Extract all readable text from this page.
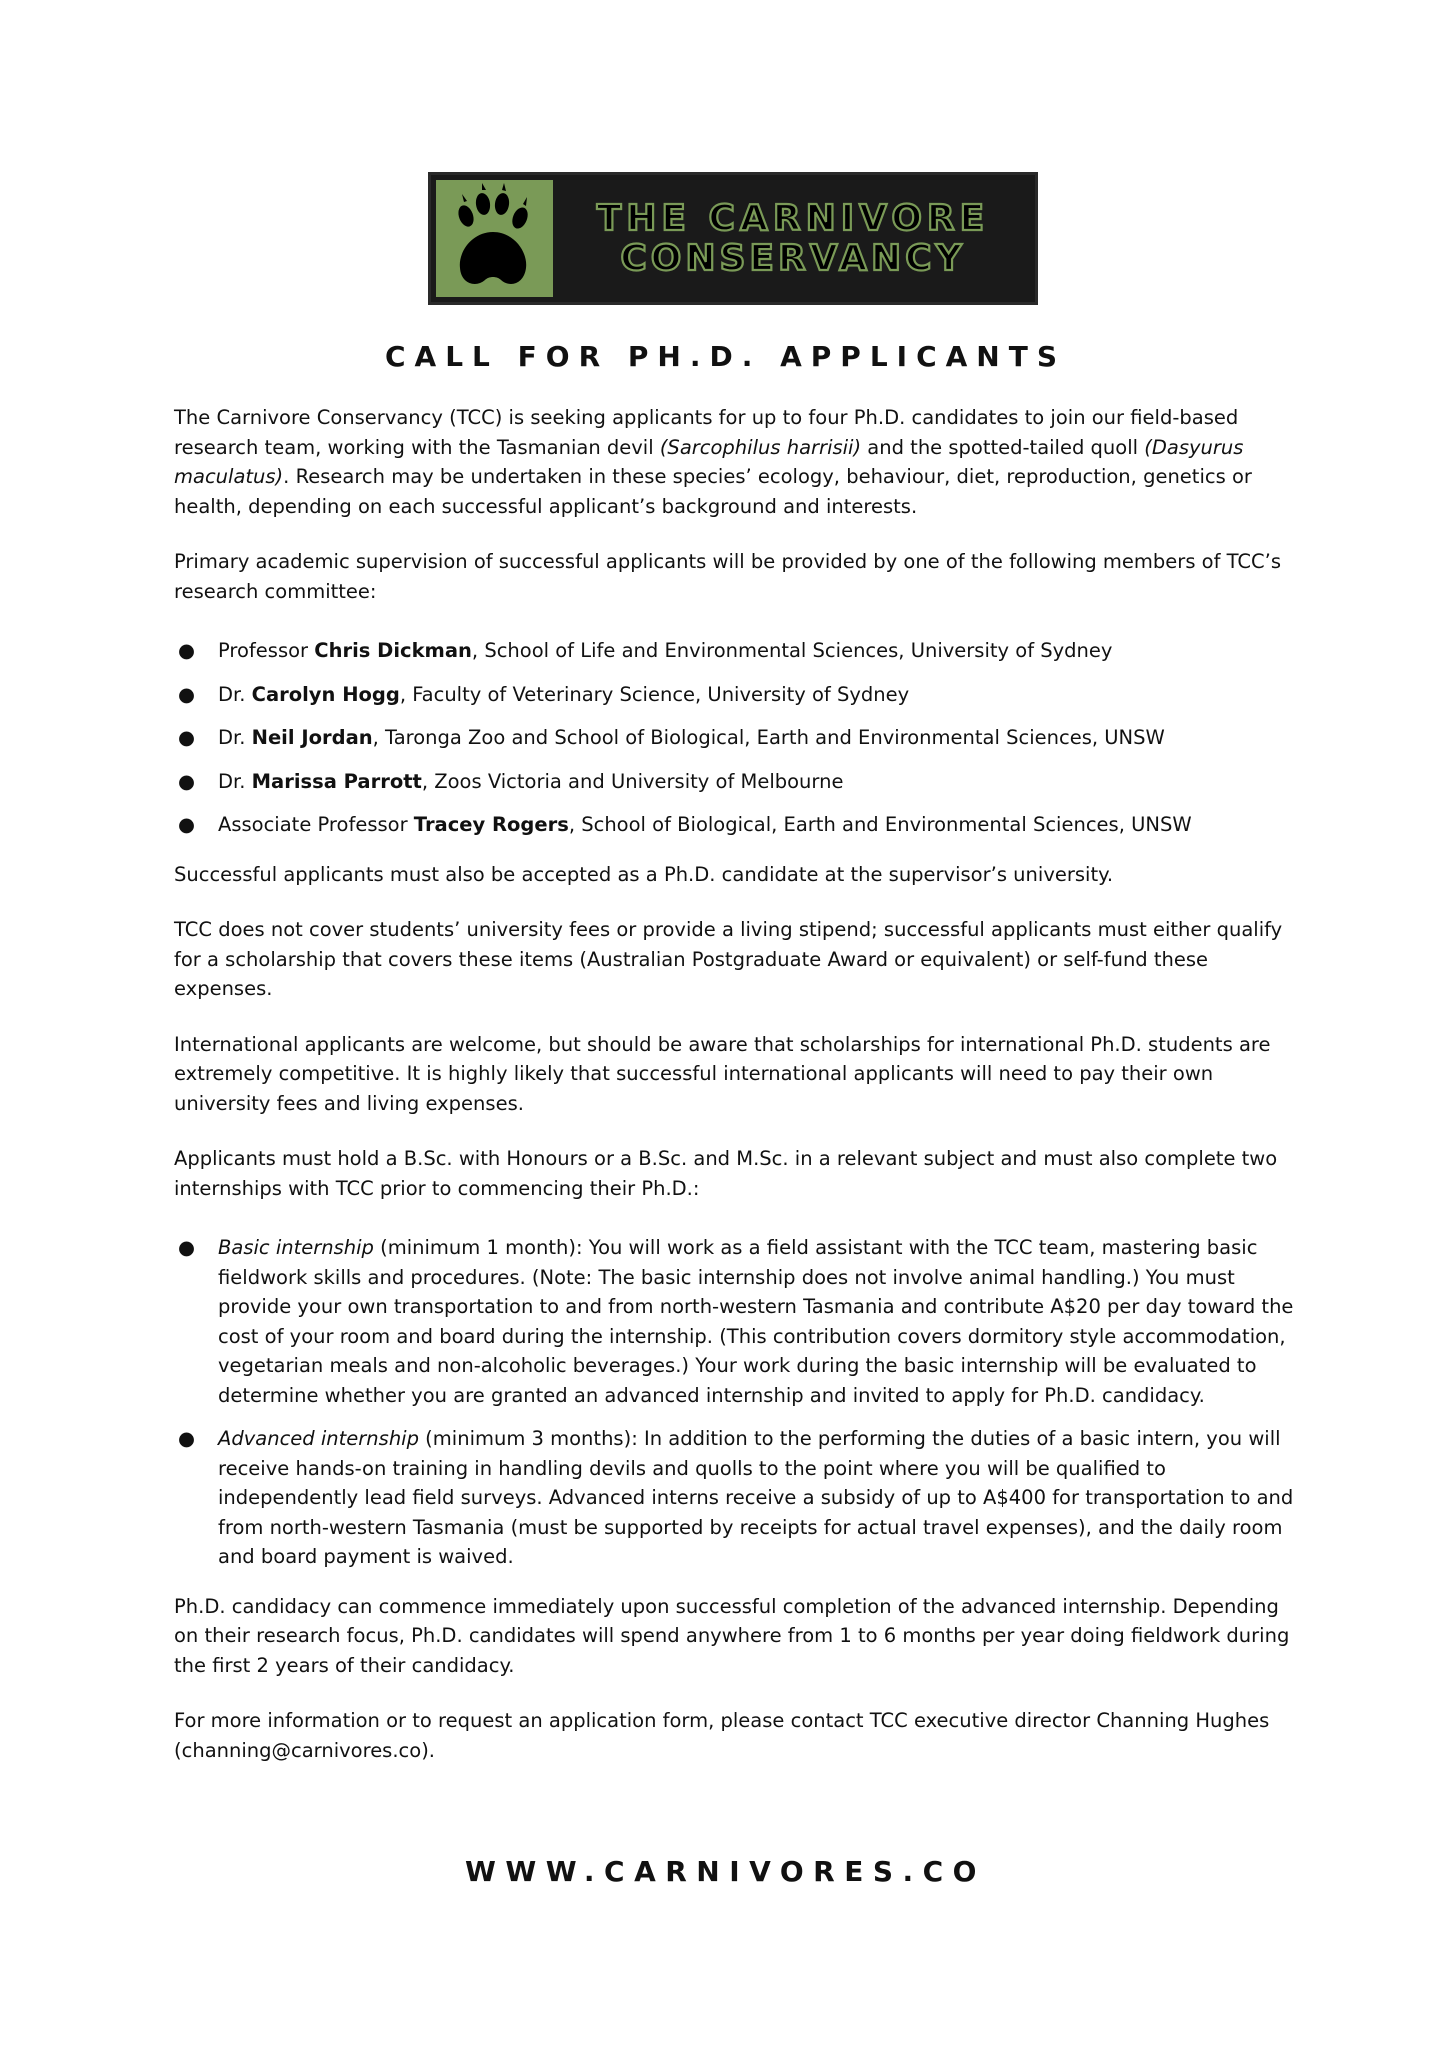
THE CARNIVORE
CONSERVANCY
CALL FOR PH.D. APPLICANTS

The Carnivore Conservancy (TCC) is seeking applicants for up to four Ph.D. candidates to join our field-based research team, working with the Tasmanian devil (Sarcophilus harrisii) and the spotted-tailed quoll (Dasyurus maculatus). Research may be undertaken in these species’ ecology, behaviour, diet, reproduction, genetics or health, depending on each successful applicant’s background and interests.

Primary academic supervision of successful applicants will be provided by one of the following members of TCC’s research committee:

● Professor Chris Dickman, School of Life and Environmental Sciences, University of Sydney
● Dr. Carolyn Hogg, Faculty of Veterinary Science, University of Sydney
● Dr. Neil Jordan, Taronga Zoo and School of Biological, Earth and Environmental Sciences, UNSW
● Dr. Marissa Parrott, Zoos Victoria and University of Melbourne
● Associate Professor Tracey Rogers, School of Biological, Earth and Environmental Sciences, UNSW

Successful applicants must also be accepted as a Ph.D. candidate at the supervisor’s university.

TCC does not cover students’ university fees or provide a living stipend; successful applicants must either qualify for a scholarship that covers these items (Australian Postgraduate Award or equivalent) or self-fund these expenses.

International applicants are welcome, but should be aware that scholarships for international Ph.D. students are extremely competitive. It is highly likely that successful international applicants will need to pay their own university fees and living expenses.

Applicants must hold a B.Sc. with Honours or a B.Sc. and M.Sc. in a relevant subject and must also complete two internships with TCC prior to commencing their Ph.D.:

● Basic internship (minimum 1 month): You will work as a field assistant with the TCC team, mastering basic fieldwork skills and procedures. (Note: The basic internship does not involve animal handling.) You must provide your own transportation to and from north-western Tasmania and contribute A$20 per day toward the cost of your room and board during the internship. (This contribution covers dormitory style accommodation, vegetarian meals and non-alcoholic beverages.) Your work during the basic internship will be evaluated to determine whether you are granted an advanced internship and invited to apply for Ph.D. candidacy.
● Advanced internship (minimum 3 months): In addition to the performing the duties of a basic intern, you will receive hands-on training in handling devils and quolls to the point where you will be qualified to independently lead field surveys. Advanced interns receive a subsidy of up to A$400 for transportation to and from north-western Tasmania (must be supported by receipts for actual travel expenses), and the daily room and board payment is waived.

Ph.D. candidacy can commence immediately upon successful completion of the advanced internship. Depending on their research focus, Ph.D. candidates will spend anywhere from 1 to 6 months per year doing fieldwork during the first 2 years of their candidacy.

For more information or to request an application form, please contact TCC executive director Channing Hughes (channing@carnivores.co).

WWW.CARNIVORES.CO
